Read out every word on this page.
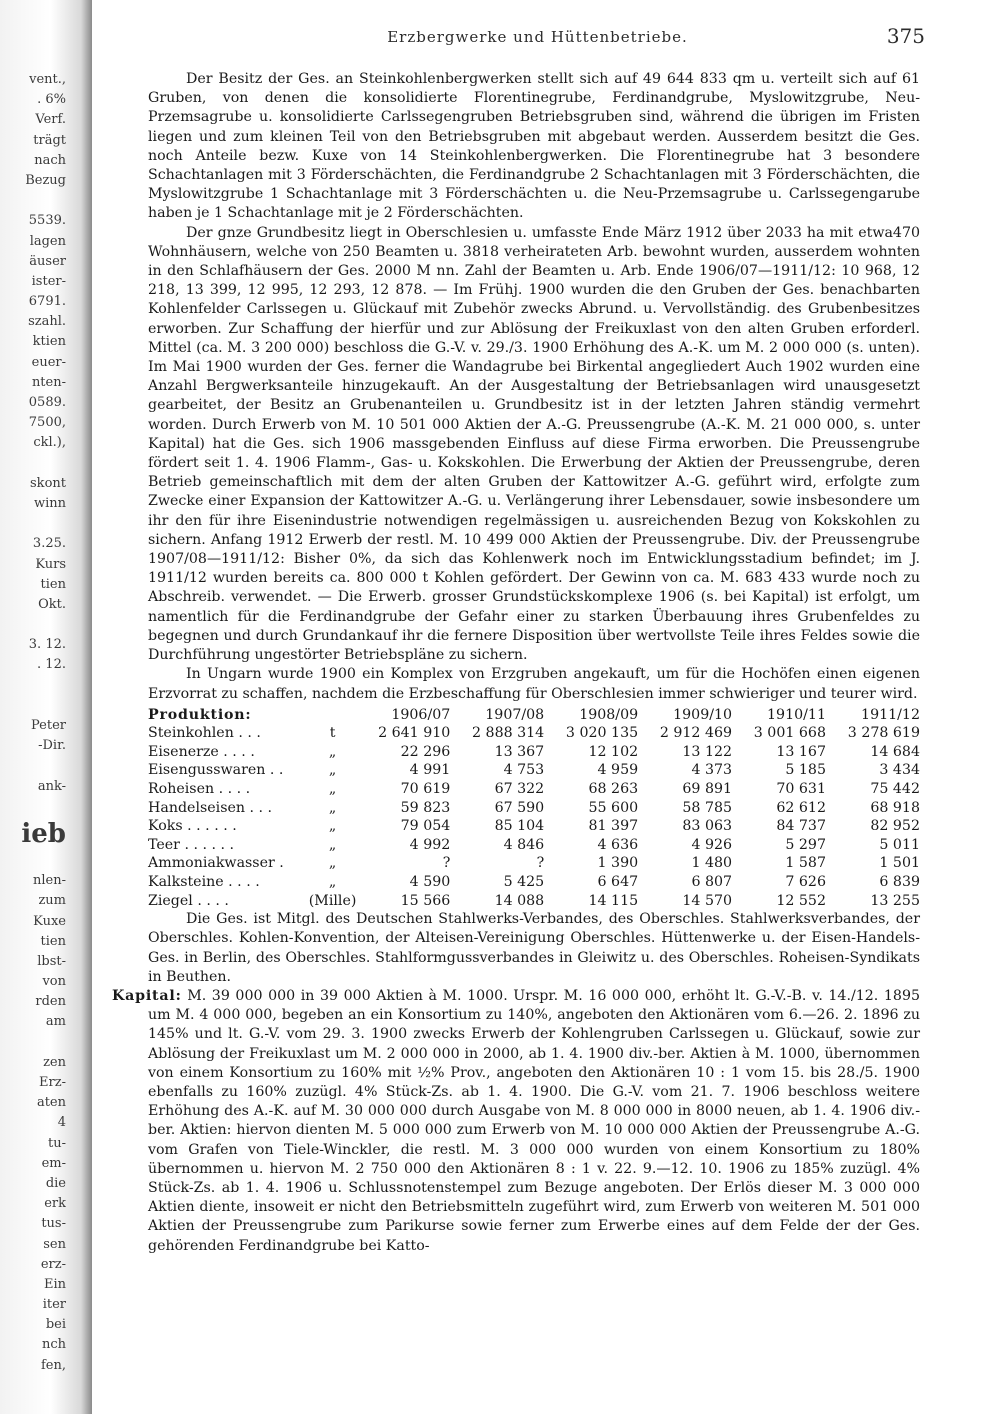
vent.,
. 6%
Verf.
trägt
nach
Bezug
5539.
lagen
äuser
ister-
6791.
szahl.
ktien
euer-
nten-
0589.
7500,
ckl.),
skont
winn
3.25.
Kurs
tien
Okt.
3. 12.
. 12.
Peter
-Dir.
ank-
ieb
nlen-
zum
Kuxe
tien
lbst-
von
rden
am
zen
Erz-
aten
4
tu-
em-
die
erk
tus-
sen
erz-
Ein
iter
bei
nch
fen,
Erzbergwerke und Hüttenbetriebe.	375

Der Besitz der Ges. an Steinkohlenbergwerken stellt sich auf 49 644 833 qm u. verteilt sich auf 61 Gruben, von denen die konsolidierte Florentinegrube, Ferdinandgrube, Myslowitzgrube, Neu-Przemsagrube u. konsolidierte Carlssegengruben Betriebsgruben sind, während die übrigen im Fristen liegen und zum kleinen Teil von den Betriebsgruben mit abgebaut werden. Ausserdem besitzt die Ges. noch Anteile bezw. Kuxe von 14 Steinkohlenbergwerken. Die Florentinegrube hat 3 besondere Schachtanlagen mit 3 Förderschächten, die Ferdinandgrube 2 Schachtanlagen mit 3 Förderschächten, die Myslowitzgrube 1 Schachtanlage mit 3 Förderschächten u. die Neu-Przemsagrube u. Carlssegengarube haben je 1 Schachtanlage mit je 2 Förderschächten.

Der gnze Grundbesitz liegt in Oberschlesien u. umfasste Ende März 1912 über 2033 ha mit etwa470 Wohnhäusern, welche von 250 Beamten u. 3818 verheirateten Arb. bewohnt wurden, ausserdem wohnten in den Schlafhäusern der Ges. 2000 M nn. Zahl der Beamten u. Arb. Ende 1906/07—1911/12: 10 968, 12 218, 13 399, 12 995, 12 293, 12 878. — Im Frühj. 1900 wurden die den Gruben der Ges. benachbarten Kohlenfelder Carlssegen u. Glückauf mit Zubehör zwecks Abrund. u. Vervollständig. des Grubenbesitzes erworben. Zur Schaffung der hierfür und zur Ablösung der Freikuxlast von den alten Gruben erforderl. Mittel (ca. M. 3 200 000) beschloss die G.-V. v. 29./3. 1900 Erhöhung des A.-K. um M. 2 000 000 (s. unten). Im Mai 1900 wurden der Ges. ferner die Wandagrube bei Birkental angegliedert Auch 1902 wurden eine Anzahl Bergwerksanteile hinzugekauft. An der Ausgestaltung der Betriebsanlagen wird unausgesetzt gearbeitet, der Besitz an Grubenanteilen u. Grundbesitz ist in der letzten Jahren ständig vermehrt worden. Durch Erwerb von M. 10 501 000 Aktien der A.-G. Preussengrube (A.-K. M. 21 000 000, s. unter Kapital) hat die Ges. sich 1906 massgebenden Einfluss auf diese Firma erworben. Die Preussengrube fördert seit 1. 4. 1906 Flamm-, Gas- u. Kokskohlen. Die Erwerbung der Aktien der Preussengrube, deren Betrieb gemeinschaftlich mit dem der alten Gruben der Kattowitzer A.-G. geführt wird, erfolgte zum Zwecke einer Expansion der Kattowitzer A.-G. u. Verlängerung ihrer Lebensdauer, sowie insbesondere um ihr den für ihre Eisenindustrie notwendigen regelmässigen u. ausreichenden Bezug von Kokskohlen zu sichern. Anfang 1912 Erwerb der restl. M. 10 499 000 Aktien der Preussengrube. Div. der Preussengrube 1907/08—1911/12: Bisher 0%, da sich das Kohlenwerk noch im Entwicklungsstadium befindet; im J. 1911/12 wurden bereits ca. 800 000 t Kohlen gefördert. Der Gewinn von ca. M. 683 433 wurde noch zu Abschreib. verwendet. — Die Erwerb. grosser Grundstückskomplexe 1906 (s. bei Kapital) ist erfolgt, um namentlich für die Ferdinandgrube der Gefahr einer zu starken Überbauung ihres Grubenfeldes zu begegnen und durch Grundankauf ihr die fernere Disposition über wertvollste Teile ihres Feldes sowie die Durchführung ungestörter Betriebspläne zu sichern.

In Ungarn wurde 1900 ein Komplex von Erzgruben angekauft, um für die Hochöfen einen eigenen Erzvorrat zu schaffen, nachdem die Erzbeschaffung für Oberschlesien immer schwieriger und teurer wird.

Produktion:		1906/07	1907/08	1908/09	1909/10	1910/11	1911/12
Steinkohlen . . .	t	2 641 910	2 888 314	3 020 135	2 912 469	3 001 668	3 278 619
Eisenerze . . . .	„	22 296	13 367	12 102	13 122	13 167	14 684
Eisengusswaren . .	„	4 991	4 753	4 959	4 373	5 185	3 434
Roheisen . . . .	„	70 619	67 322	68 263	69 891	70 631	75 442
Handelseisen . . .	„	59 823	67 590	55 600	58 785	62 612	68 918
Koks . . . . . .	„	79 054	85 104	81 397	83 063	84 737	82 952
Teer . . . . . .	„	4 992	4 846	4 636	4 926	5 297	5 011
Ammoniakwasser .	„	?	?	1 390	1 480	1 587	1 501
Kalksteine . . . .	„	4 590	5 425	6 647	6 807	7 626	6 839
Ziegel . . . .	(Mille)	15 566	14 088	14 115	14 570	12 552	13 255

Die Ges. ist Mitgl. des Deutschen Stahlwerks-Verbandes, des Oberschles. Stahlwerksverbandes, der Oberschles. Kohlen-Konvention, der Alteisen-Vereinigung Oberschles. Hüttenwerke u. der Eisen-Handels-Ges. in Berlin, des Oberschles. Stahlformgussverbandes in Gleiwitz u. des Oberschles. Roheisen-Syndikats in Beuthen.

Kapital: M. 39 000 000 in 39 000 Aktien à M. 1000. Urspr. M. 16 000 000, erhöht lt. G.-V.-B. v. 14./12. 1895 um M. 4 000 000, begeben an ein Konsortium zu 140%, angeboten den Aktionären vom 6.—26. 2. 1896 zu 145% und lt. G.-V. vom 29. 3. 1900 zwecks Erwerb der Kohlengruben Carlssegen u. Glückauf, sowie zur Ablösung der Freikuxlast um M. 2 000 000 in 2000, ab 1. 4. 1900 div.-ber. Aktien à M. 1000, übernommen von einem Konsortium zu 160% mit ½% Prov., angeboten den Aktionären 10 : 1 vom 15. bis 28./5. 1900 ebenfalls zu 160% zuzügl. 4% Stück-Zs. ab 1. 4. 1900. Die G.-V. vom 21. 7. 1906 beschloss weitere Erhöhung des A.-K. auf M. 30 000 000 durch Ausgabe von M. 8 000 000 in 8000 neuen, ab 1. 4. 1906 div.-ber. Aktien: hiervon dienten M. 5 000 000 zum Erwerb von M. 10 000 000 Aktien der Preussengrube A.-G. vom Grafen von Tiele-Winckler, die restl. M. 3 000 000 wurden von einem Konsortium zu 180% übernommen u. hiervon M. 2 750 000 den Aktionären 8 : 1 v. 22. 9.—12. 10. 1906 zu 185% zuzügl. 4% Stück-Zs. ab 1. 4. 1906 u. Schlussnotenstempel zum Bezuge angeboten. Der Erlös dieser M. 3 000 000 Aktien diente, insoweit er nicht den Betriebsmitteln zugeführt wird, zum Erwerb von weiteren M. 501 000 Aktien der Preussengrube zum Parikurse sowie ferner zum Erwerbe eines auf dem Felde der der Ges. gehörenden Ferdinandgrube bei Katto-
